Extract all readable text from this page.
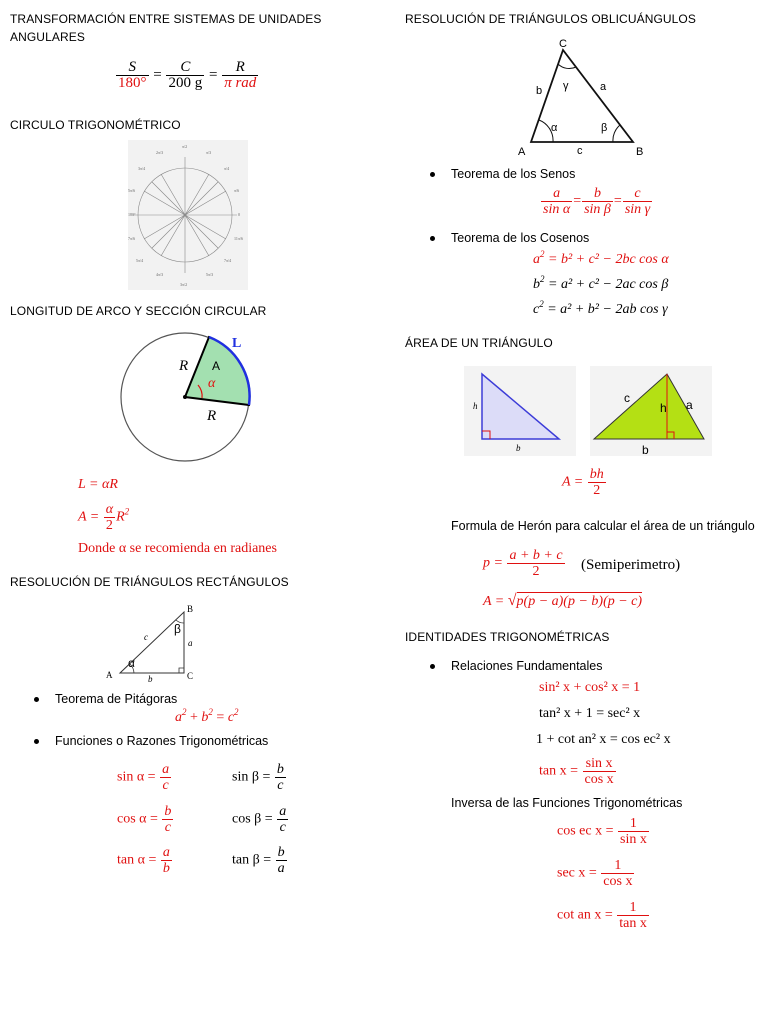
TRANSFORMACIÓN ENTRE SISTEMAS DE UNIDADES ANGULARES
$\frac{S}{180^\circ} = \frac{C}{200 g} = \frac{R}{\text{π rad}}$
CIRCULO TRIGONOMÉTRICO
π/2
π/3
2π/3
π/4
3π/4
π/6
5π/6
0
180°
11π/6
7π/6
7π/4
5π/4
5π/3
4π/3
3π/2
LONGITUD DE ARCO Y SECCIÓN CIRCULAR
L
R
R
A
α
L = αR
$A = \frac{\alpha}{2} R^2$
Donde α se recomienda en radianes
RESOLUCIÓN DE TRIÁNGULOS RECTÁNGULOS
A
B
C
a
b
c
α
β
Teorema de Pitágoras
$a^2 + b^2 = c^2$
Funciones o Razones Trigonométricas
$\sin \alpha = \frac{a}{c}$	$\sin \beta = \frac{b}{c}$
$\cos \alpha = \frac{b}{c}$	$\cos \beta = \frac{a}{c}$
$\tan \alpha = \frac{a}{b}$	$\tan \beta = \frac{b}{a}$
RESOLUCIÓN DE TRIÁNGULOS OBLICUÁNGULOS
C
A	B
b	a
c
α	β
γ
Teorema de los Senos
$\frac{a}{\text{sin α}} = \frac{b}{\text{sin β}} = \frac{c}{\text{sin γ}}$
Teorema de los Cosenos
$a^2 = b^2 + c^2 - 2bc$ cos α
$b^2 = a^2 + c^2 - 2ac$ cos β
$c^2 = a^2 + b^2 - 2ab$ cos γ
ÁREA DE UN TRIÁNGULO
h
b
c
h a
b
$A = \frac{bh}{2}$
Formula de Herón para calcular el área de un triángulo
$p = \frac{a + b + c}{2}$ (Semiperimetro)
A = √p(p − a)(p − b)(p − c)
IDENTIDADES TRIGONOMÉTRICAS
Relaciones Fundamentales
sin² x + cos² x = 1
tan² x + 1 = sec² x
1 + cot an² x = cos ec² x
$\tan x = \frac{\text{sin x}}{\text{cos x}}$
Inversa de las Funciones Trigonométricas
cos ec $x = \frac{1}{\text{sin x}}$
$\sec x = \frac{1}{\text{cos x}}$
cot an $x = \frac{1}{\text{tan x}}$
